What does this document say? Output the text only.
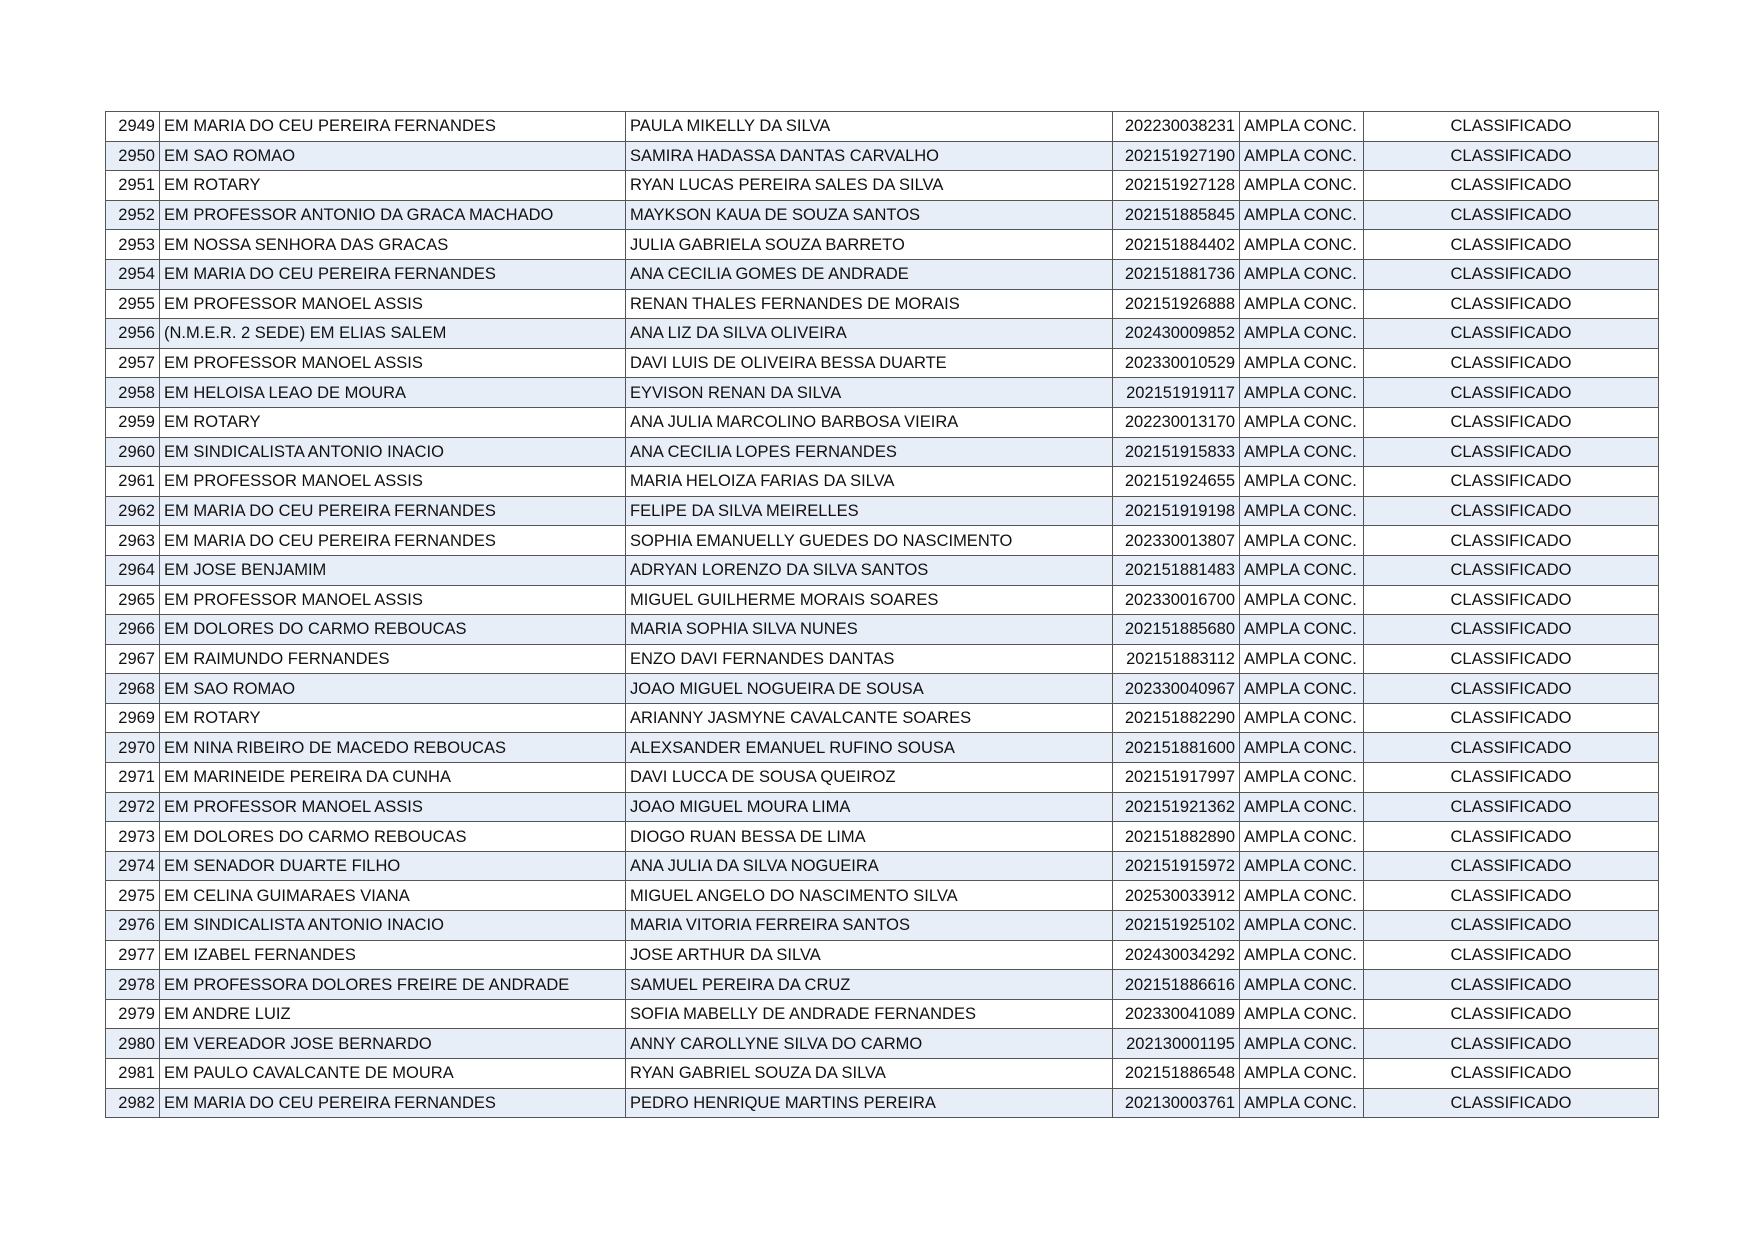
2949	EM MARIA DO CEU PEREIRA FERNANDES	PAULA MIKELLY DA SILVA	202230038231	AMPLA CONC.	CLASSIFICADO
2950	EM SAO ROMAO	SAMIRA HADASSA DANTAS CARVALHO	202151927190	AMPLA CONC.	CLASSIFICADO
2951	EM ROTARY	RYAN LUCAS PEREIRA SALES DA SILVA	202151927128	AMPLA CONC.	CLASSIFICADO
2952	EM PROFESSOR ANTONIO DA GRACA MACHADO	MAYKSON KAUA DE SOUZA SANTOS	202151885845	AMPLA CONC.	CLASSIFICADO
2953	EM NOSSA SENHORA DAS GRACAS	JULIA GABRIELA SOUZA BARRETO	202151884402	AMPLA CONC.	CLASSIFICADO
2954	EM MARIA DO CEU PEREIRA FERNANDES	ANA CECILIA GOMES DE ANDRADE	202151881736	AMPLA CONC.	CLASSIFICADO
2955	EM PROFESSOR MANOEL ASSIS	RENAN THALES FERNANDES DE MORAIS	202151926888	AMPLA CONC.	CLASSIFICADO
2956	(N.M.E.R. 2 SEDE) EM ELIAS SALEM	ANA LIZ DA SILVA OLIVEIRA	202430009852	AMPLA CONC.	CLASSIFICADO
2957	EM PROFESSOR MANOEL ASSIS	DAVI LUIS DE OLIVEIRA BESSA DUARTE	202330010529	AMPLA CONC.	CLASSIFICADO
2958	EM HELOISA LEAO DE MOURA	EYVISON RENAN DA SILVA	202151919117	AMPLA CONC.	CLASSIFICADO
2959	EM ROTARY	ANA JULIA MARCOLINO BARBOSA VIEIRA	202230013170	AMPLA CONC.	CLASSIFICADO
2960	EM SINDICALISTA ANTONIO INACIO	ANA CECILIA LOPES FERNANDES	202151915833	AMPLA CONC.	CLASSIFICADO
2961	EM PROFESSOR MANOEL ASSIS	MARIA HELOIZA FARIAS DA SILVA	202151924655	AMPLA CONC.	CLASSIFICADO
2962	EM MARIA DO CEU PEREIRA FERNANDES	FELIPE DA SILVA MEIRELLES	202151919198	AMPLA CONC.	CLASSIFICADO
2963	EM MARIA DO CEU PEREIRA FERNANDES	SOPHIA EMANUELLY GUEDES DO NASCIMENTO	202330013807	AMPLA CONC.	CLASSIFICADO
2964	EM JOSE BENJAMIM	ADRYAN LORENZO DA SILVA SANTOS	202151881483	AMPLA CONC.	CLASSIFICADO
2965	EM PROFESSOR MANOEL ASSIS	MIGUEL GUILHERME MORAIS SOARES	202330016700	AMPLA CONC.	CLASSIFICADO
2966	EM DOLORES DO CARMO REBOUCAS	MARIA SOPHIA SILVA NUNES	202151885680	AMPLA CONC.	CLASSIFICADO
2967	EM RAIMUNDO FERNANDES	ENZO DAVI FERNANDES DANTAS	202151883112	AMPLA CONC.	CLASSIFICADO
2968	EM SAO ROMAO	JOAO MIGUEL NOGUEIRA DE SOUSA	202330040967	AMPLA CONC.	CLASSIFICADO
2969	EM ROTARY	ARIANNY JASMYNE CAVALCANTE SOARES	202151882290	AMPLA CONC.	CLASSIFICADO
2970	EM NINA RIBEIRO DE MACEDO REBOUCAS	ALEXSANDER EMANUEL RUFINO SOUSA	202151881600	AMPLA CONC.	CLASSIFICADO
2971	EM MARINEIDE PEREIRA DA CUNHA	DAVI LUCCA DE SOUSA QUEIROZ	202151917997	AMPLA CONC.	CLASSIFICADO
2972	EM PROFESSOR MANOEL ASSIS	JOAO MIGUEL MOURA LIMA	202151921362	AMPLA CONC.	CLASSIFICADO
2973	EM DOLORES DO CARMO REBOUCAS	DIOGO RUAN BESSA DE LIMA	202151882890	AMPLA CONC.	CLASSIFICADO
2974	EM SENADOR DUARTE FILHO	ANA JULIA DA SILVA NOGUEIRA	202151915972	AMPLA CONC.	CLASSIFICADO
2975	EM CELINA GUIMARAES VIANA	MIGUEL ANGELO DO NASCIMENTO SILVA	202530033912	AMPLA CONC.	CLASSIFICADO
2976	EM SINDICALISTA ANTONIO INACIO	MARIA VITORIA FERREIRA SANTOS	202151925102	AMPLA CONC.	CLASSIFICADO
2977	EM IZABEL FERNANDES	JOSE ARTHUR DA SILVA	202430034292	AMPLA CONC.	CLASSIFICADO
2978	EM PROFESSORA DOLORES FREIRE DE ANDRADE	SAMUEL PEREIRA DA CRUZ	202151886616	AMPLA CONC.	CLASSIFICADO
2979	EM ANDRE LUIZ	SOFIA MABELLY DE ANDRADE FERNANDES	202330041089	AMPLA CONC.	CLASSIFICADO
2980	EM VEREADOR JOSE BERNARDO	ANNY CAROLLYNE SILVA DO CARMO	202130001195	AMPLA CONC.	CLASSIFICADO
2981	EM PAULO CAVALCANTE DE MOURA	RYAN GABRIEL SOUZA DA SILVA	202151886548	AMPLA CONC.	CLASSIFICADO
2982	EM MARIA DO CEU PEREIRA FERNANDES	PEDRO HENRIQUE MARTINS PEREIRA	202130003761	AMPLA CONC.	CLASSIFICADO
